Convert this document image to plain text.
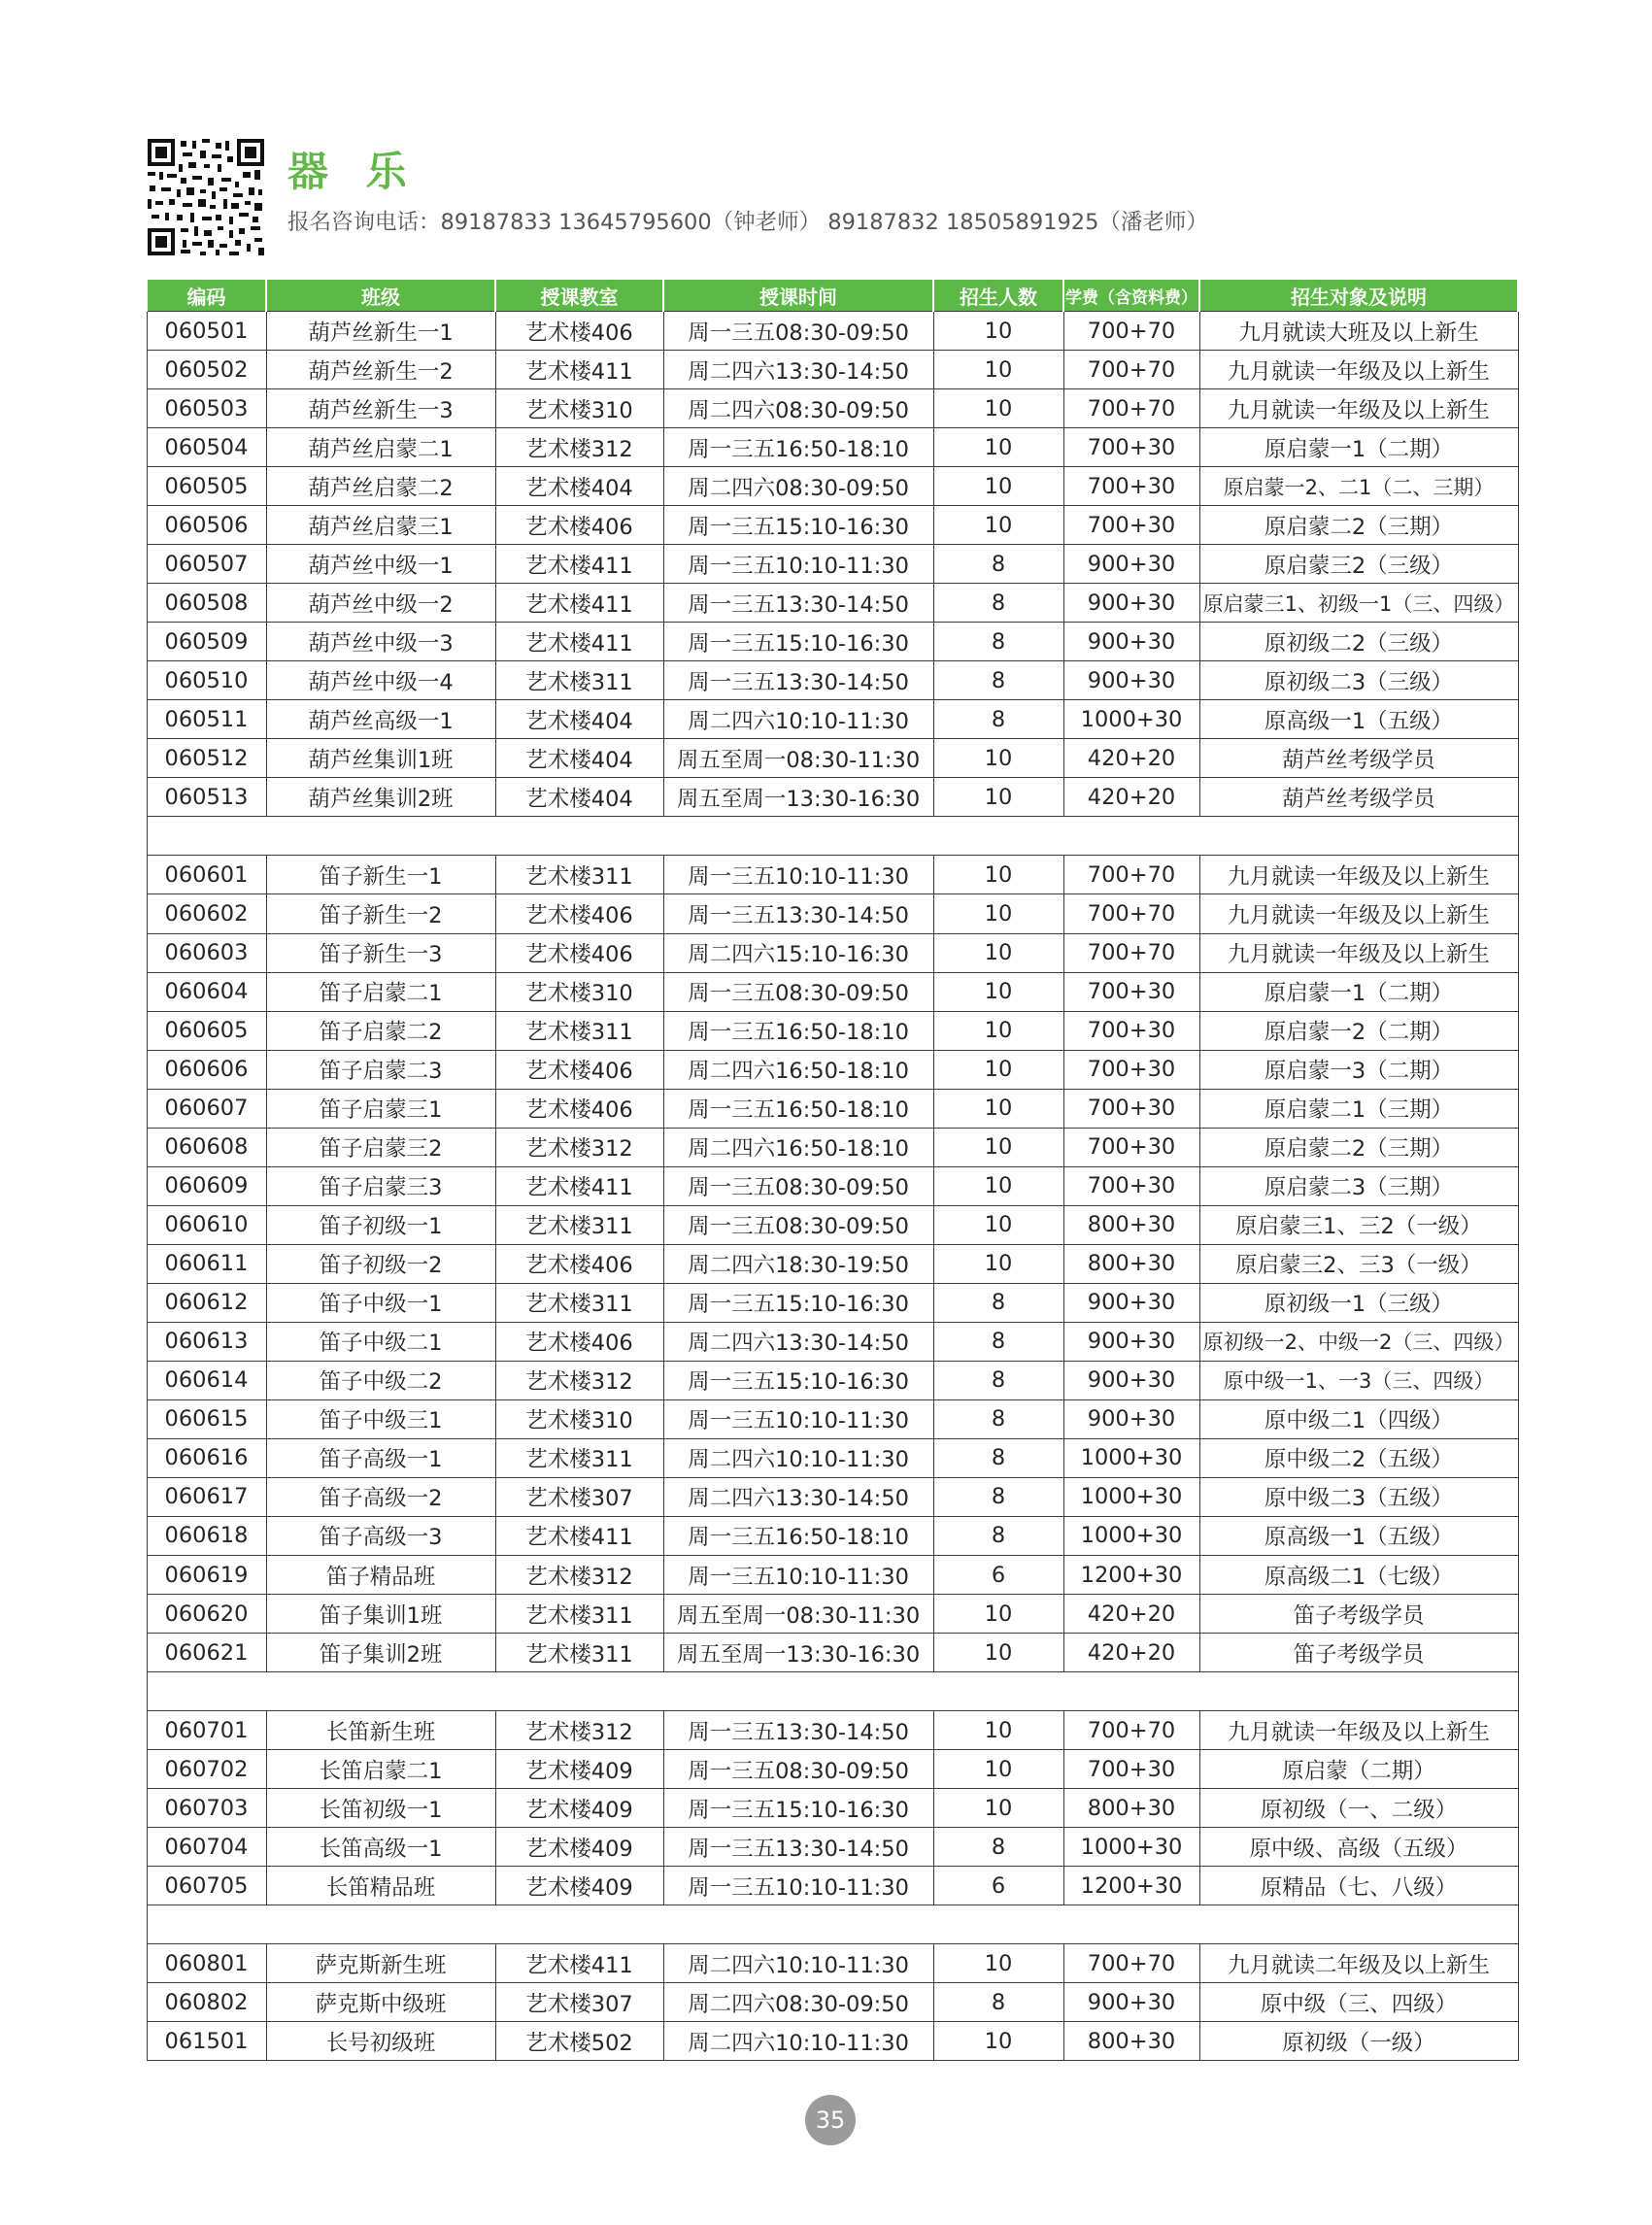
器 乐
报名咨询电话：89187833 13645795600（钟老师） 89187832 18505891925（潘老师）
编码	班级	授课教室	授课时间	招生人数	学费（含资料费）	招生对象及说明
060501	葫芦丝新生一1	艺术楼406	周一三五08:30-09:50	10	700+70	九月就读大班及以上新生
060502	葫芦丝新生一2	艺术楼411	周二四六13:30-14:50	10	700+70	九月就读一年级及以上新生
060503	葫芦丝新生一3	艺术楼310	周二四六08:30-09:50	10	700+70	九月就读一年级及以上新生
060504	葫芦丝启蒙二1	艺术楼312	周一三五16:50-18:10	10	700+30	原启蒙一1（二期）
060505	葫芦丝启蒙二2	艺术楼404	周二四六08:30-09:50	10	700+30	原启蒙一2、二1（二、三期）
060506	葫芦丝启蒙三1	艺术楼406	周一三五15:10-16:30	10	700+30	原启蒙二2（三期）
060507	葫芦丝中级一1	艺术楼411	周一三五10:10-11:30	8	900+30	原启蒙三2（三级）
060508	葫芦丝中级一2	艺术楼411	周一三五13:30-14:50	8	900+30	原启蒙三1、初级一1（三、四级）
060509	葫芦丝中级一3	艺术楼411	周一三五15:10-16:30	8	900+30	原初级二2（三级）
060510	葫芦丝中级一4	艺术楼311	周一三五13:30-14:50	8	900+30	原初级二3（三级）
060511	葫芦丝高级一1	艺术楼404	周二四六10:10-11:30	8	1000+30	原高级一1（五级）
060512	葫芦丝集训1班	艺术楼404	周五至周一08:30-11:30	10	420+20	葫芦丝考级学员
060513	葫芦丝集训2班	艺术楼404	周五至周一13:30-16:30	10	420+20	葫芦丝考级学员

060601	笛子新生一1	艺术楼311	周一三五10:10-11:30	10	700+70	九月就读一年级及以上新生
060602	笛子新生一2	艺术楼406	周一三五13:30-14:50	10	700+70	九月就读一年级及以上新生
060603	笛子新生一3	艺术楼406	周二四六15:10-16:30	10	700+70	九月就读一年级及以上新生
060604	笛子启蒙二1	艺术楼310	周一三五08:30-09:50	10	700+30	原启蒙一1（二期）
060605	笛子启蒙二2	艺术楼311	周一三五16:50-18:10	10	700+30	原启蒙一2（二期）
060606	笛子启蒙二3	艺术楼406	周二四六16:50-18:10	10	700+30	原启蒙一3（二期）
060607	笛子启蒙三1	艺术楼406	周一三五16:50-18:10	10	700+30	原启蒙二1（三期）
060608	笛子启蒙三2	艺术楼312	周二四六16:50-18:10	10	700+30	原启蒙二2（三期）
060609	笛子启蒙三3	艺术楼411	周一三五08:30-09:50	10	700+30	原启蒙二3（三期）
060610	笛子初级一1	艺术楼311	周一三五08:30-09:50	10	800+30	原启蒙三1、三2（一级）
060611	笛子初级一2	艺术楼406	周二四六18:30-19:50	10	800+30	原启蒙三2、三3（一级）
060612	笛子中级一1	艺术楼311	周一三五15:10-16:30	8	900+30	原初级一1（三级）
060613	笛子中级二1	艺术楼406	周二四六13:30-14:50	8	900+30	原初级一2、中级一2（三、四级）
060614	笛子中级二2	艺术楼312	周一三五15:10-16:30	8	900+30	原中级一1、一3（三、四级）
060615	笛子中级三1	艺术楼310	周一三五10:10-11:30	8	900+30	原中级二1（四级）
060616	笛子高级一1	艺术楼311	周二四六10:10-11:30	8	1000+30	原中级二2（五级）
060617	笛子高级一2	艺术楼307	周二四六13:30-14:50	8	1000+30	原中级二3（五级）
060618	笛子高级一3	艺术楼411	周一三五16:50-18:10	8	1000+30	原高级一1（五级）
060619	笛子精品班	艺术楼312	周一三五10:10-11:30	6	1200+30	原高级二1（七级）
060620	笛子集训1班	艺术楼311	周五至周一08:30-11:30	10	420+20	笛子考级学员
060621	笛子集训2班	艺术楼311	周五至周一13:30-16:30	10	420+20	笛子考级学员

060701	长笛新生班	艺术楼312	周一三五13:30-14:50	10	700+70	九月就读一年级及以上新生
060702	长笛启蒙二1	艺术楼409	周一三五08:30-09:50	10	700+30	原启蒙（二期）
060703	长笛初级一1	艺术楼409	周一三五15:10-16:30	10	800+30	原初级（一、二级）
060704	长笛高级一1	艺术楼409	周一三五13:30-14:50	8	1000+30	原中级、高级（五级）
060705	长笛精品班	艺术楼409	周一三五10:10-11:30	6	1200+30	原精品（七、八级）

060801	萨克斯新生班	艺术楼411	周二四六10:10-11:30	10	700+70	九月就读二年级及以上新生
060802	萨克斯中级班	艺术楼307	周二四六08:30-09:50	8	900+30	原中级（三、四级）
061501	长号初级班	艺术楼502	周二四六10:10-11:30	10	800+30	原初级（一级）
35
